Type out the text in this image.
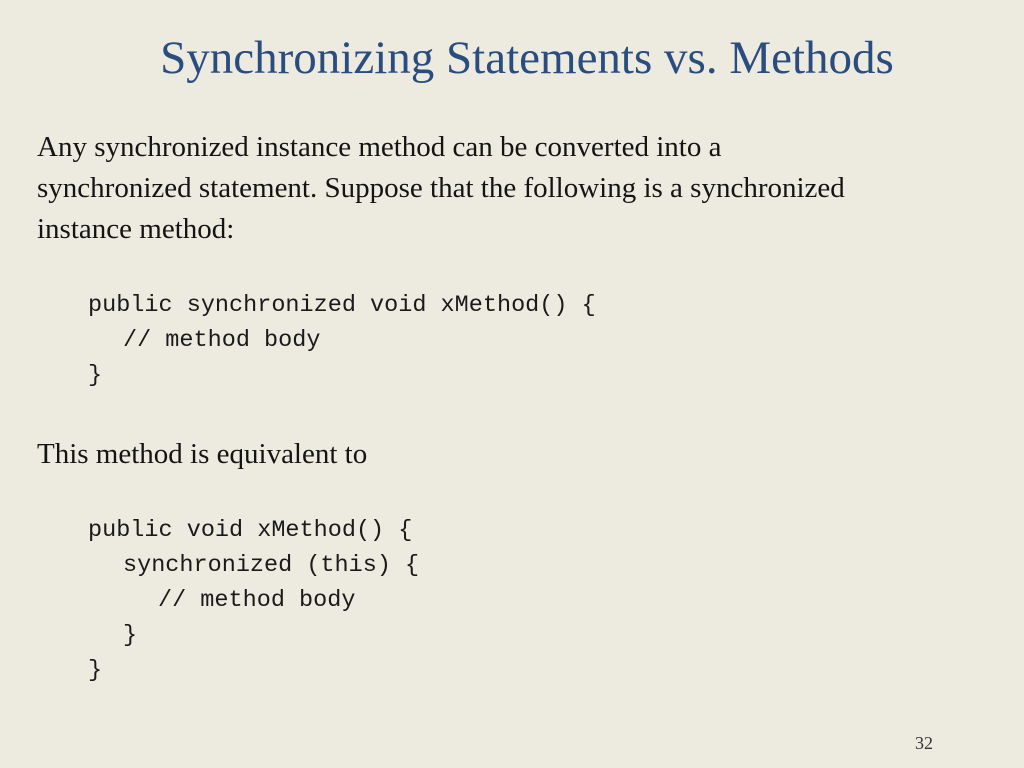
Synchronizing Statements vs. Methods
Any synchronized instance method can be converted into a
synchronized statement. Suppose that the following is a synchronized
instance method:
public synchronized void xMethod() {
// method body
}
This method is equivalent to
public void xMethod() {
synchronized (this) {
// method body
}
}
32
